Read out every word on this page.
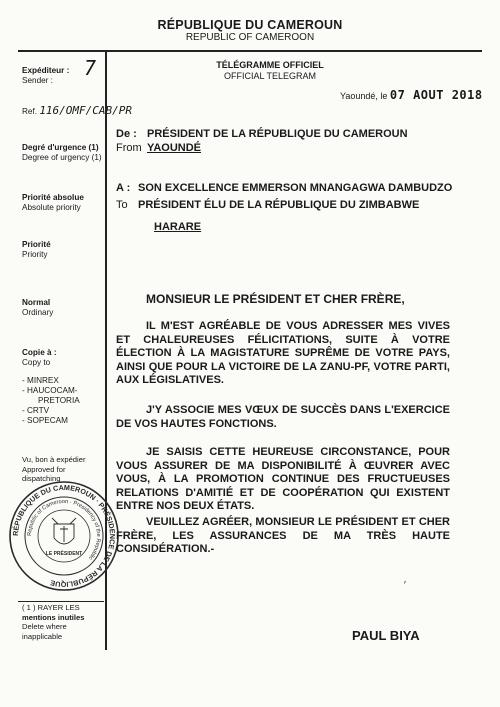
RÉPUBLIQUE DU CAMEROUN
REPUBLIC OF CAMEROON
Expéditeur :
Sender :
7
Ref. 116/OMF/CAB/PR
Degré d'urgence (1)
Degree of urgency (1)
Priorité absolue
Absolute priority
Priorité
Priority
Normal
Ordinary
Copie à :
Copy to
- MINREX
- HAUCOCAM-
PRETORIA
- CRTV
- SOPECAM
Vu, bon à expédier
Approved for
dispatching
RÉPUBLIQUE DU CAMEROUN · PRÉSIDENCE DE LA RÉPUBLIQUE
Republic of Cameroon · Presidency of the Republic
LE PRÉSIDENT
( 1 ) RAYER LES
mentions inutiles
Delete where
inapplicable
TÉLÉGRAMME OFFICIEL
OFFICIAL TELEGRAM
Yaoundé, le 07 AOUT 2018
De :
From
PRÉSIDENT DE LA RÉPUBLIQUE DU CAMEROUN
YAOUNDÉ
A :
To
SON EXCELLENCE EMMERSON MNANGAGWA DAMBUDZO
PRÉSIDENT ÉLU DE LA RÉPUBLIQUE DU ZIMBABWE
HARARE
MONSIEUR LE PRÉSIDENT ET CHER FRÈRE,
IL M'EST AGRÉABLE DE VOUS ADRESSER MES VIVES ET CHALEUREUSES FÉLICITATIONS, SUITE À VOTRE ÉLECTION À LA MAGISTATURE SUPRÊME DE VOTRE PAYS, AINSI QUE POUR LA VICTOIRE DE LA ZANU-PF, VOTRE PARTI, AUX LÉGISLATIVES.
J'Y ASSOCIE MES VŒUX DE SUCCÈS DANS L'EXERCICE DE VOS HAUTES FONCTIONS.
JE SAISIS CETTE HEUREUSE CIRCONSTANCE, POUR VOUS ASSURER DE MA DISPONIBILITÉ À ŒUVRER AVEC VOUS, À LA PROMOTION CONTINUE DES FRUCTUEUSES RELATIONS D'AMITIÉ ET DE COOPÉRATION QUI EXISTENT ENTRE NOS DEUX ÉTATS.
VEUILLEZ AGRÉER, MONSIEUR LE PRÉSIDENT ET CHER FRÈRE, LES ASSURANCES DE MA TRÈS HAUTE CONSIDÉRATION.-
′
PAUL BIYA
